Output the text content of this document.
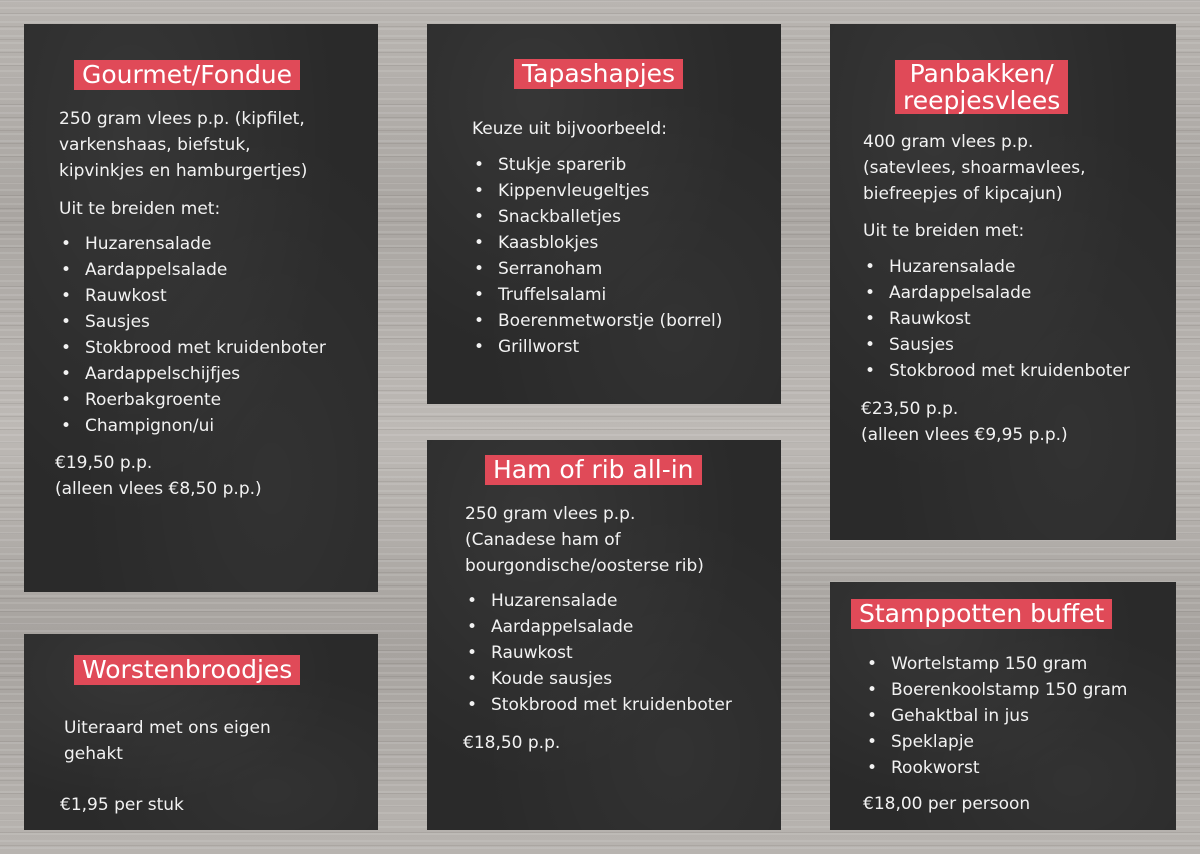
Gourmet/Fondue
250 gram vlees p.p. (kipfilet,
varkenshaas, biefstuk,
kipvinkjes en hamburgertjes)
Uit te breiden met:
• Huzarensalade
• Aardappelsalade
• Rauwkost
• Sausjes
• Stokbrood met kruidenboter
• Aardappelschijfjes
• Roerbakgroente
• Champignon/ui
€19,50 p.p.
(alleen vlees €8,50 p.p.)
Tapashapjes
Keuze uit bijvoorbeeld:
• Stukje sparerib
• Kippenvleugeltjes
• Snackballetjes
• Kaasblokjes
• Serranoham
• Truffelsalami
• Boerenmetworstje (borrel)
• Grillworst
Panbakken/
reepjesvlees
400 gram vlees p.p.
(satevlees, shoarmavlees,
biefreepjes of kipcajun)
Uit te breiden met:
• Huzarensalade
• Aardappelsalade
• Rauwkost
• Sausjes
• Stokbrood met kruidenboter
€23,50 p.p.
(alleen vlees €9,95 p.p.)
Ham of rib all-in
250 gram vlees p.p.
(Canadese ham of
bourgondische/oosterse rib)
• Huzarensalade
• Aardappelsalade
• Rauwkost
• Koude sausjes
• Stokbrood met kruidenboter
€18,50 p.p.
Worstenbroodjes
Uiteraard met ons eigen
gehakt
€1,95 per stuk
Stamppotten buffet
• Wortelstamp 150 gram
• Boerenkoolstamp 150 gram
• Gehaktbal in jus
• Speklapje
• Rookworst
€18,00 per persoon
